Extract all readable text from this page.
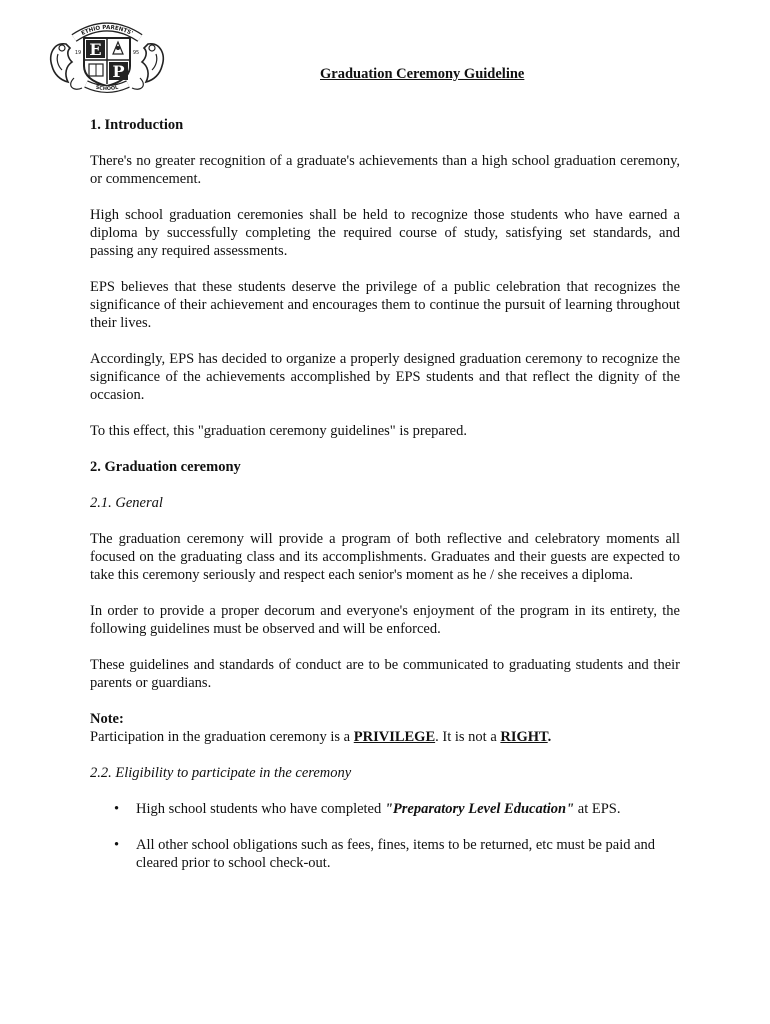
ETHIO PARENTS'
E
P
19	95
SCHOOL
Graduation Ceremony Guideline
1. Introduction

There's no greater recognition of a graduate's achievements than a high school graduation ceremony, or commencement.

High school graduation ceremonies shall be held to recognize those students who have earned a diploma by successfully completing the required course of study, satisfying set standards, and passing any required assessments.

EPS believes that these students deserve the privilege of a public celebration that recognizes the significance of their achievement and encourages them to continue the pursuit of learning throughout their lives.

Accordingly, EPS has decided to organize a properly designed graduation ceremony to recognize the significance of the achievements accomplished by EPS students and that reflect the dignity of the occasion.

To this effect, this "graduation ceremony guidelines" is prepared.

2. Graduation ceremony
2.1. General

The graduation ceremony will provide a program of both reflective and celebratory moments all focused on the graduating class and its accomplishments. Graduates and their guests are expected to take this ceremony seriously and respect each senior's moment as he / she receives a diploma.

In order to provide a proper decorum and everyone's enjoyment of the program in its entirety, the following guidelines must be observed and will be enforced.

These guidelines and standards of conduct are to be communicated to graduating students and their parents or guardians.

Note:
Participation in the graduation ceremony is a PRIVILEGE. It is not a RIGHT.
2.2. Eligibility to participate in the ceremony
• High school students who have completed "Preparatory Level Education" at EPS.
• All other school obligations such as fees, fines, items to be returned, etc must be paid and cleared prior to school check-out.
